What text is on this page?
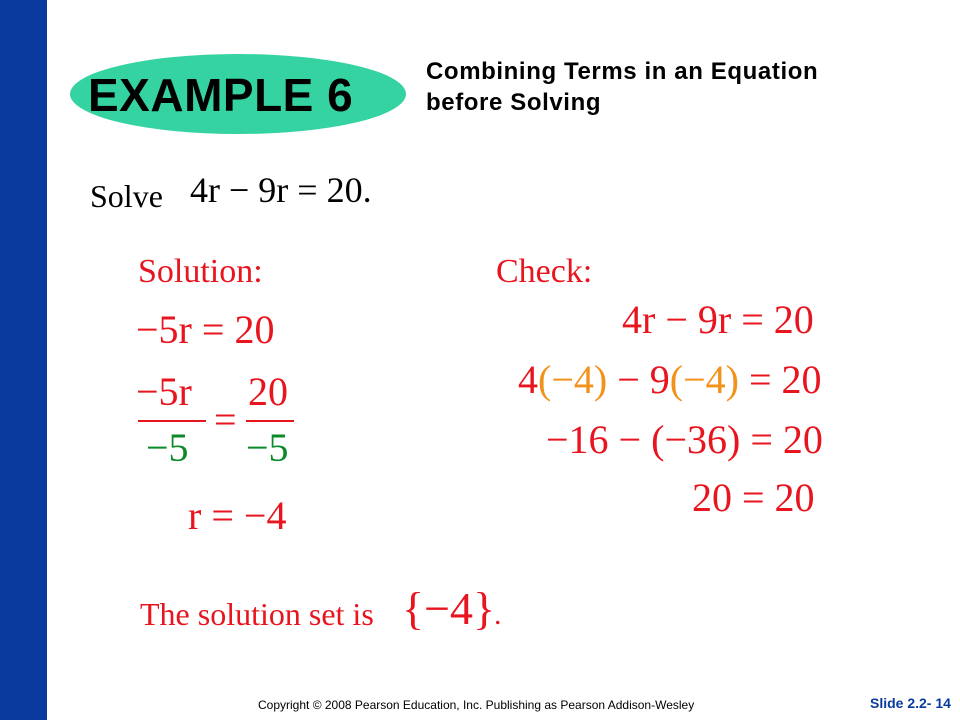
EXAMPLE 6	Combining Terms in an Equation
before Solving
Solve 4r − 9r = 20.
Solution:
−5r = 20
−5r
−5
=
20
−5
r = −4
Check:
4r − 9r = 20
4(−4) − 9(−4) = 20
−16 − (−36) = 20
20 = 20
The solution set is {−4}
.
Copyright © 2008 Pearson Education, Inc. Publishing as Pearson Addison-Wesley	Slide 2.2- 14
